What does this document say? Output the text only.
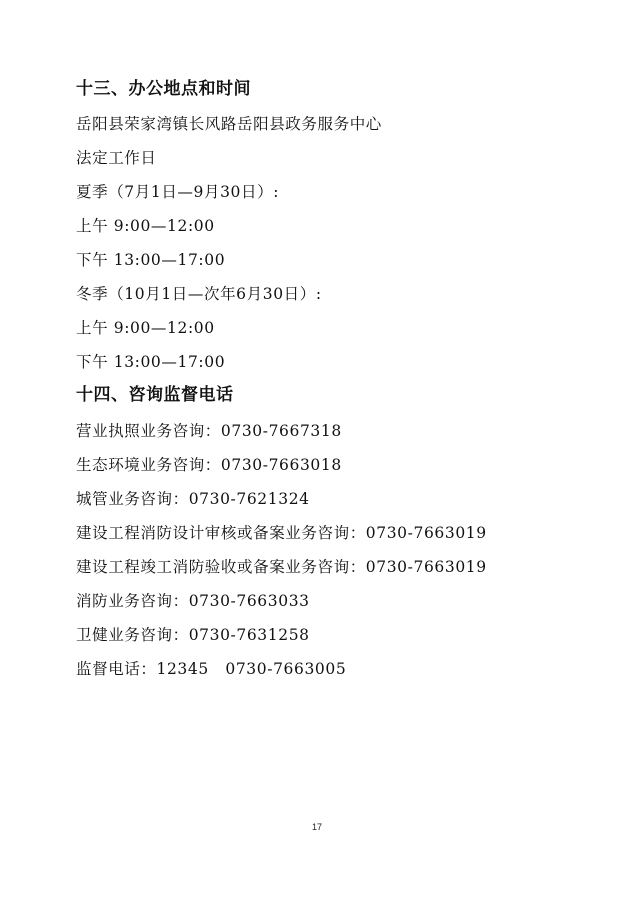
十三、办公地点和时间
岳阳县荣家湾镇长风路岳阳县政务服务中心
法定工作日
夏季（7月1日—9月30日）:
上午 9:00—12:00
下午 13:00—17:00
冬季（10月1日—次年6月30日）:
上午 9:00—12:00
下午 13:00—17:00
十四、咨询监督电话
营业执照业务咨询：0730-7667318
生态环境业务咨询：0730-7663018
城管业务咨询：0730-7621324
建设工程消防设计审核或备案业务咨询：0730-7663019
建设工程竣工消防验收或备案业务咨询：0730-7663019
消防业务咨询：0730-7663033
卫健业务咨询：0730-7631258
监督电话：12345   0730-7663005
17
